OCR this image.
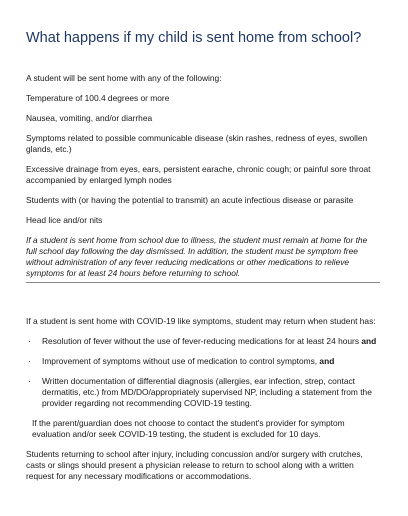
What happens if my child is sent home from school?

A student will be sent home with any of the following:

Temperature of 100.4 degrees or more

Nausea, vomiting, and/or diarrhea

Symptoms related to possible communicable disease (skin rashes, redness of eyes, swollen glands, etc.)

Excessive drainage from eyes, ears, persistent earache, chronic cough; or painful sore throat accompanied by enlarged lymph nodes

Students with (or having the potential to transmit) an acute infectious disease or parasite

Head lice and/or nits

If a student is sent home from school due to illness, the student must remain at home for the full school day following the day dismissed. In addition, the student must be symptom free without administration of any fever reducing medications or other medications to relieve symptoms for at least 24 hours before returning to school.

If a student is sent home with COVID-19 like symptoms, student may return when student has:

·	Resolution of fever without the use of fever-reducing medications for at least 24 hours and
·	Improvement of symptoms without use of medication to control symptoms, and
·	Written documentation of differential diagnosis (allergies, ear infection, strep, contact dermatitis, etc.) from MD/DO/appropriately supervised NP, including a statement from the provider regarding not recommending COVID-19 testing.

If the parent/guardian does not choose to contact the student's provider for symptom evaluation and/or seek COVID-19 testing, the student is excluded for 10 days.

Students returning to school after injury, including concussion and/or surgery with crutches, casts or slings should present a physician release to return to school along with a written request for any necessary modifications or accommodations.
